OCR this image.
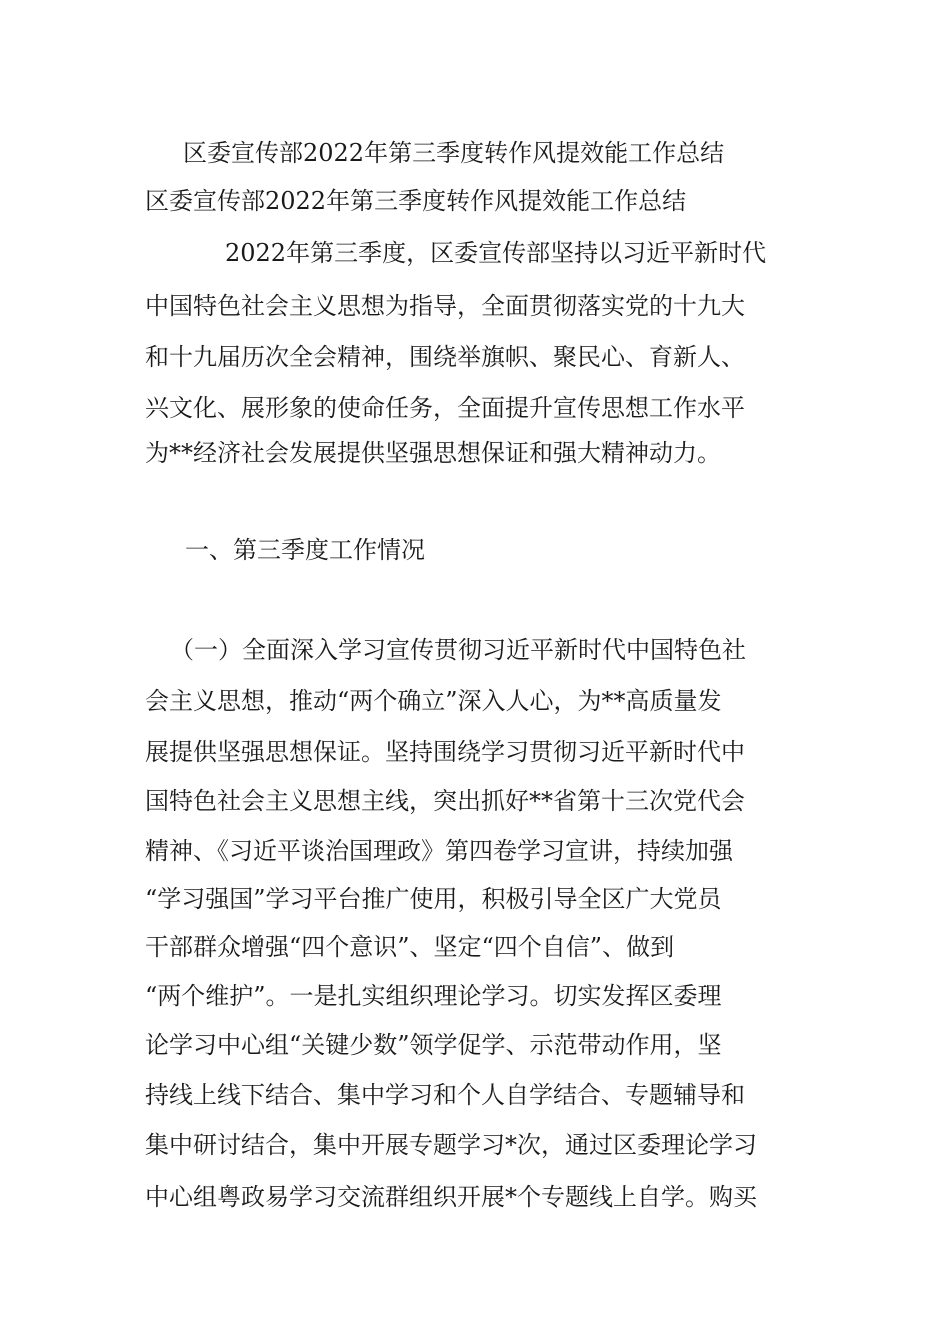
区委宣传部2022年第三季度转作风提效能工作总结
区委宣传部2022年第三季度转作风提效能工作总结
2022年第三季度，区委宣传部坚持以习近平新时代
中国特色社会主义思想为指导，全面贯彻落实党的十九大
和十九届历次全会精神，围绕举旗帜、聚民心、育新人、
兴文化、展形象的使命任务，全面提升宣传思想工作水平
为**经济社会发展提供坚强思想保证和强大精神动力。
一、第三季度工作情况
（一）全面深入学习宣传贯彻习近平新时代中国特色社
会主义思想，推动“两个确立”深入人心，为**高质量发
展提供坚强思想保证。坚持围绕学习贯彻习近平新时代中
国特色社会主义思想主线，突出抓好**省第十三次党代会
精神、《习近平谈治国理政》第四卷学习宣讲，持续加强
“学习强国”学习平台推广使用，积极引导全区广大党员
干部群众增强“四个意识”、坚定“四个自信”、做到
“两个维护”。一是扎实组织理论学习。切实发挥区委理
论学习中心组“关键少数”领学促学、示范带动作用，坚
持线上线下结合、集中学习和个人自学结合、专题辅导和
集中研讨结合，集中开展专题学习*次，通过区委理论学习
中心组粤政易学习交流群组织开展*个专题线上自学。购买
